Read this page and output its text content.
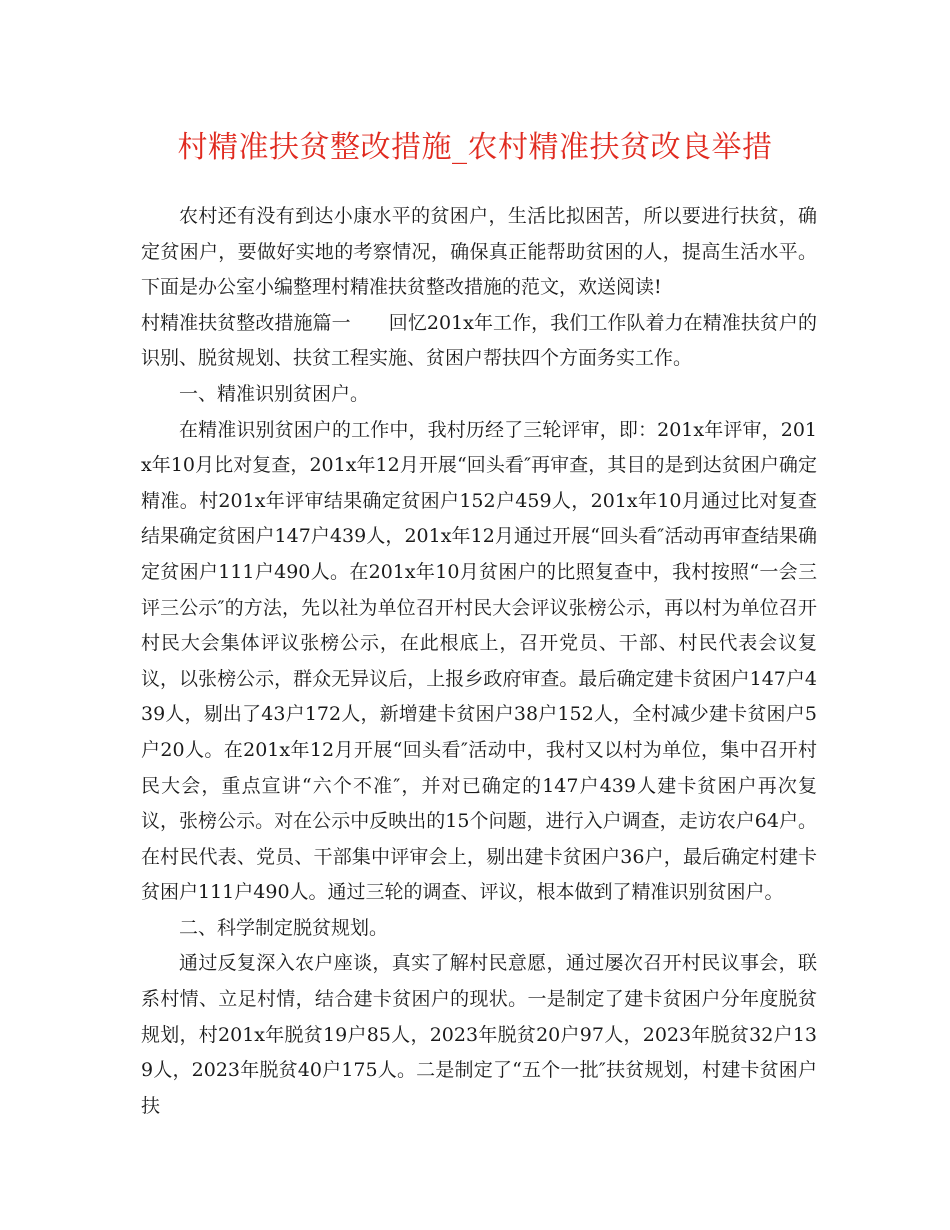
村精准扶贫整改措施_农村精准扶贫改良举措

农村还有没有到达小康水平的贫困户，生活比拟困苦，所以要进行扶贫，确定贫困户，要做好实地的考察情况，确保真正能帮助贫困的人，提高生活水平。下面是办公室小编整理村精准扶贫整改措施的范文，欢送阅读!

村精准扶贫整改措施篇一　　回忆201x年工作，我们工作队着力在精准扶贫户的识别、脱贫规划、扶贫工程实施、贫困户帮扶四个方面务实工作。

一、精准识别贫困户。

在精准识别贫困户的工作中，我村历经了三轮评审，即：201x年评审，201x年10月比对复查，201x年12月开展“回头看″再审查，其目的是到达贫困户确定精准。村201x年评审结果确定贫困户152户459人，201x年10月通过比对复查结果确定贫困户147户439人，201x年12月通过开展“回头看″活动再审查结果确定贫困户111户490人。在201x年10月贫困户的比照复查中，我村按照“一会三评三公示″的方法，先以社为单位召开村民大会评议张榜公示，再以村为单位召开村民大会集体评议张榜公示，在此根底上，召开党员、干部、村民代表会议复议，以张榜公示，群众无异议后，上报乡政府审查。最后确定建卡贫困户147户439人，剔出了43户172人，新增建卡贫困户38户152人，全村减少建卡贫困户5户20人。在201x年12月开展“回头看″活动中，我村又以村为单位，集中召开村民大会，重点宣讲“六个不准″，并对已确定的147户439人建卡贫困户再次复议，张榜公示。对在公示中反映出的15个问题，进行入户调查，走访农户64户。在村民代表、党员、干部集中评审会上，剔出建卡贫困户36户，最后确定村建卡贫困户111户490人。通过三轮的调查、评议，根本做到了精准识别贫困户。

二、科学制定脱贫规划。

通过反复深入农户座谈，真实了解村民意愿，通过屡次召开村民议事会，联系村情、立足村情，结合建卡贫困户的现状。一是制定了建卡贫困户分年度脱贫规划，村201x年脱贫19户85人，2023年脱贫20户97人，2023年脱贫32户139人，2023年脱贫40户175人。二是制定了“五个一批″扶贫规划，村建卡贫困户扶
